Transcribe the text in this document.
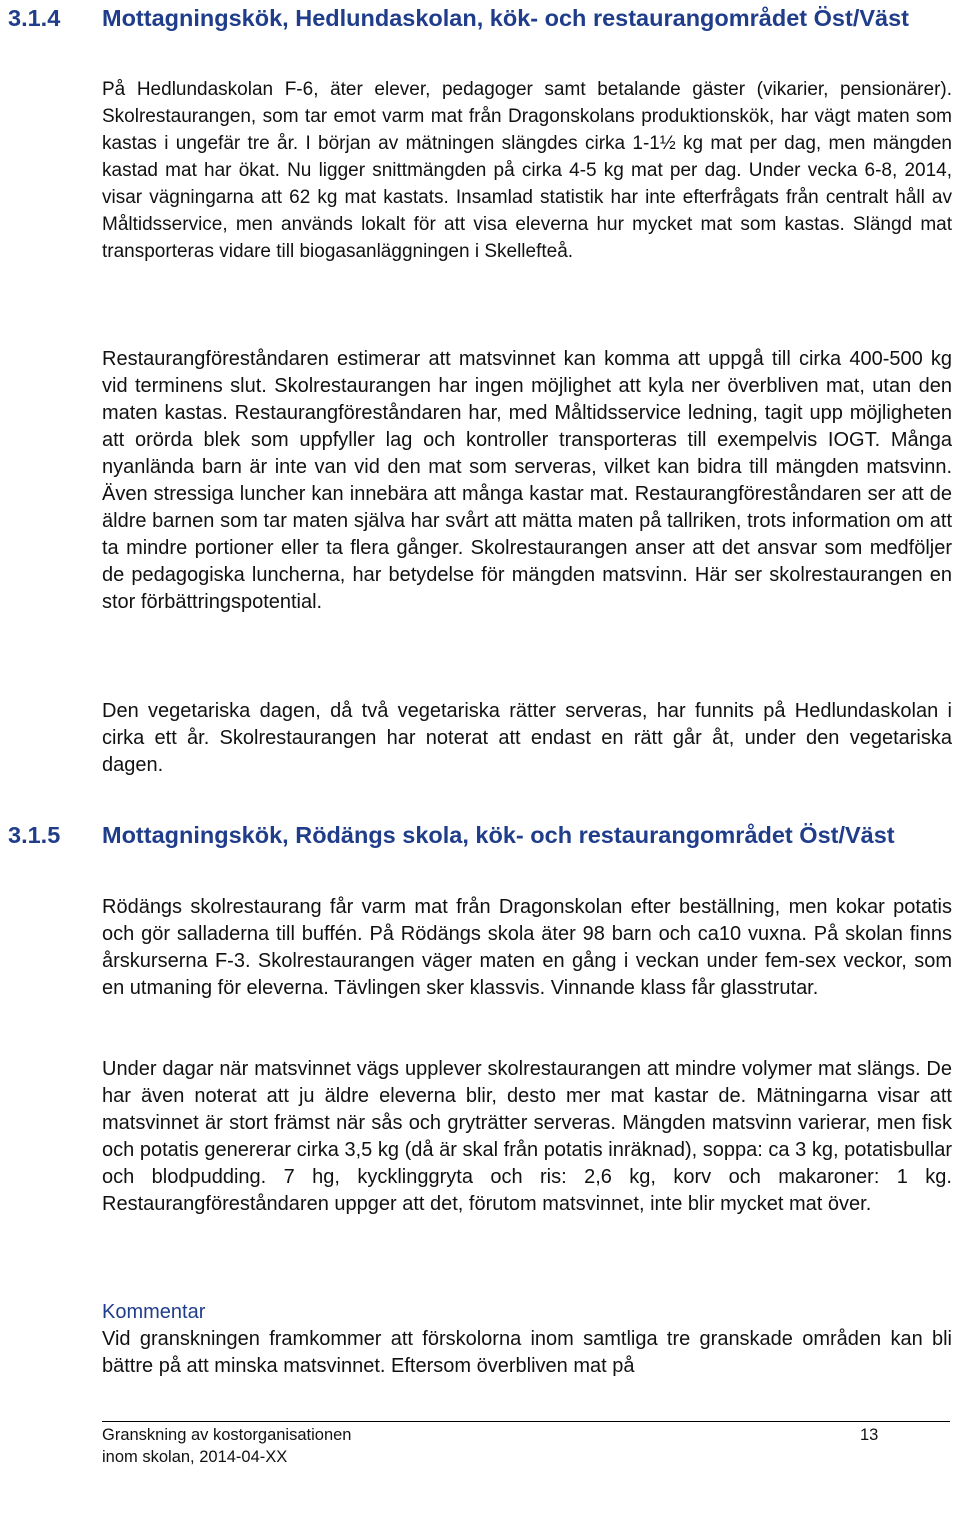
3.1.4 Mottagningskök, Hedlundaskolan, kök- och restaurangområdet Öst/Väst

På Hedlundaskolan F-6, äter elever, pedagoger samt betalande gäster (vikarier, pensionärer). Skolrestaurangen, som tar emot varm mat från Dragonskolans produktionskök, har vägt maten som kastas i ungefär tre år. I början av mätningen slängdes cirka 1-1½ kg mat per dag, men mängden kastad mat har ökat. Nu ligger snittmängden på cirka 4-5 kg mat per dag. Under vecka 6-8, 2014, visar vägningarna att 62 kg mat kastats. Insamlad statistik har inte efterfrågats från centralt håll av Måltidsservice, men används lokalt för att visa eleverna hur mycket mat som kastas. Slängd mat transporteras vidare till biogasanläggningen i Skellefteå.

Restaurangföreståndaren estimerar att matsvinnet kan komma att uppgå till cirka 400-500 kg vid terminens slut. Skolrestaurangen har ingen möjlighet att kyla ner överbliven mat, utan den maten kastas. Restaurangföreståndaren har, med Måltidsservice ledning, tagit upp möjligheten att orörda blek som uppfyller lag och kontroller transporteras till exempelvis IOGT. Många nyanlända barn är inte van vid den mat som serveras, vilket kan bidra till mängden matsvinn. Även stressiga luncher kan innebära att många kastar mat. Restaurangföreståndaren ser att de äldre barnen som tar maten själva har svårt att mätta maten på tallriken, trots information om att ta mindre portioner eller ta flera gånger. Skolrestaurangen anser att det ansvar som medföljer de pedagogiska luncherna, har betydelse för mängden matsvinn. Här ser skolrestaurangen en stor förbättringspotential.

Den vegetariska dagen, då två vegetariska rätter serveras, har funnits på Hedlundaskolan i cirka ett år. Skolrestaurangen har noterat att endast en rätt går åt, under den vegetariska dagen.

3.1.5 Mottagningskök, Rödängs skola, kök- och restaurangområdet Öst/Väst

Rödängs skolrestaurang får varm mat från Dragonskolan efter beställning, men kokar potatis och gör salladerna till buffén. På Rödängs skola äter 98 barn och ca10 vuxna. På skolan finns årskurserna F-3. Skolrestaurangen väger maten en gång i veckan under fem-sex veckor, som en utmaning för eleverna. Tävlingen sker klassvis. Vinnande klass får glasstrutar.

Under dagar när matsvinnet vägs upplever skolrestaurangen att mindre volymer mat slängs. De har även noterat att ju äldre eleverna blir, desto mer mat kastar de. Mätningarna visar att matsvinnet är stort främst när sås och gryträtter serveras. Mängden matsvinn varierar, men fisk och potatis genererar cirka 3,5 kg (då är skal från potatis inräknad), soppa: ca 3 kg, potatisbullar och blodpudding. 7 hg, kycklinggryta och ris: 2,6 kg, korv och makaroner: 1 kg. Restaurangföreståndaren uppger att det, förutom matsvinnet, inte blir mycket mat över.

Kommentar
Vid granskningen framkommer att förskolorna inom samtliga tre granskade områden kan bli bättre på att minska matsvinnet. Eftersom överbliven mat på
Granskning av kostorganisationen
inom skolan, 2014-04-XX
13
